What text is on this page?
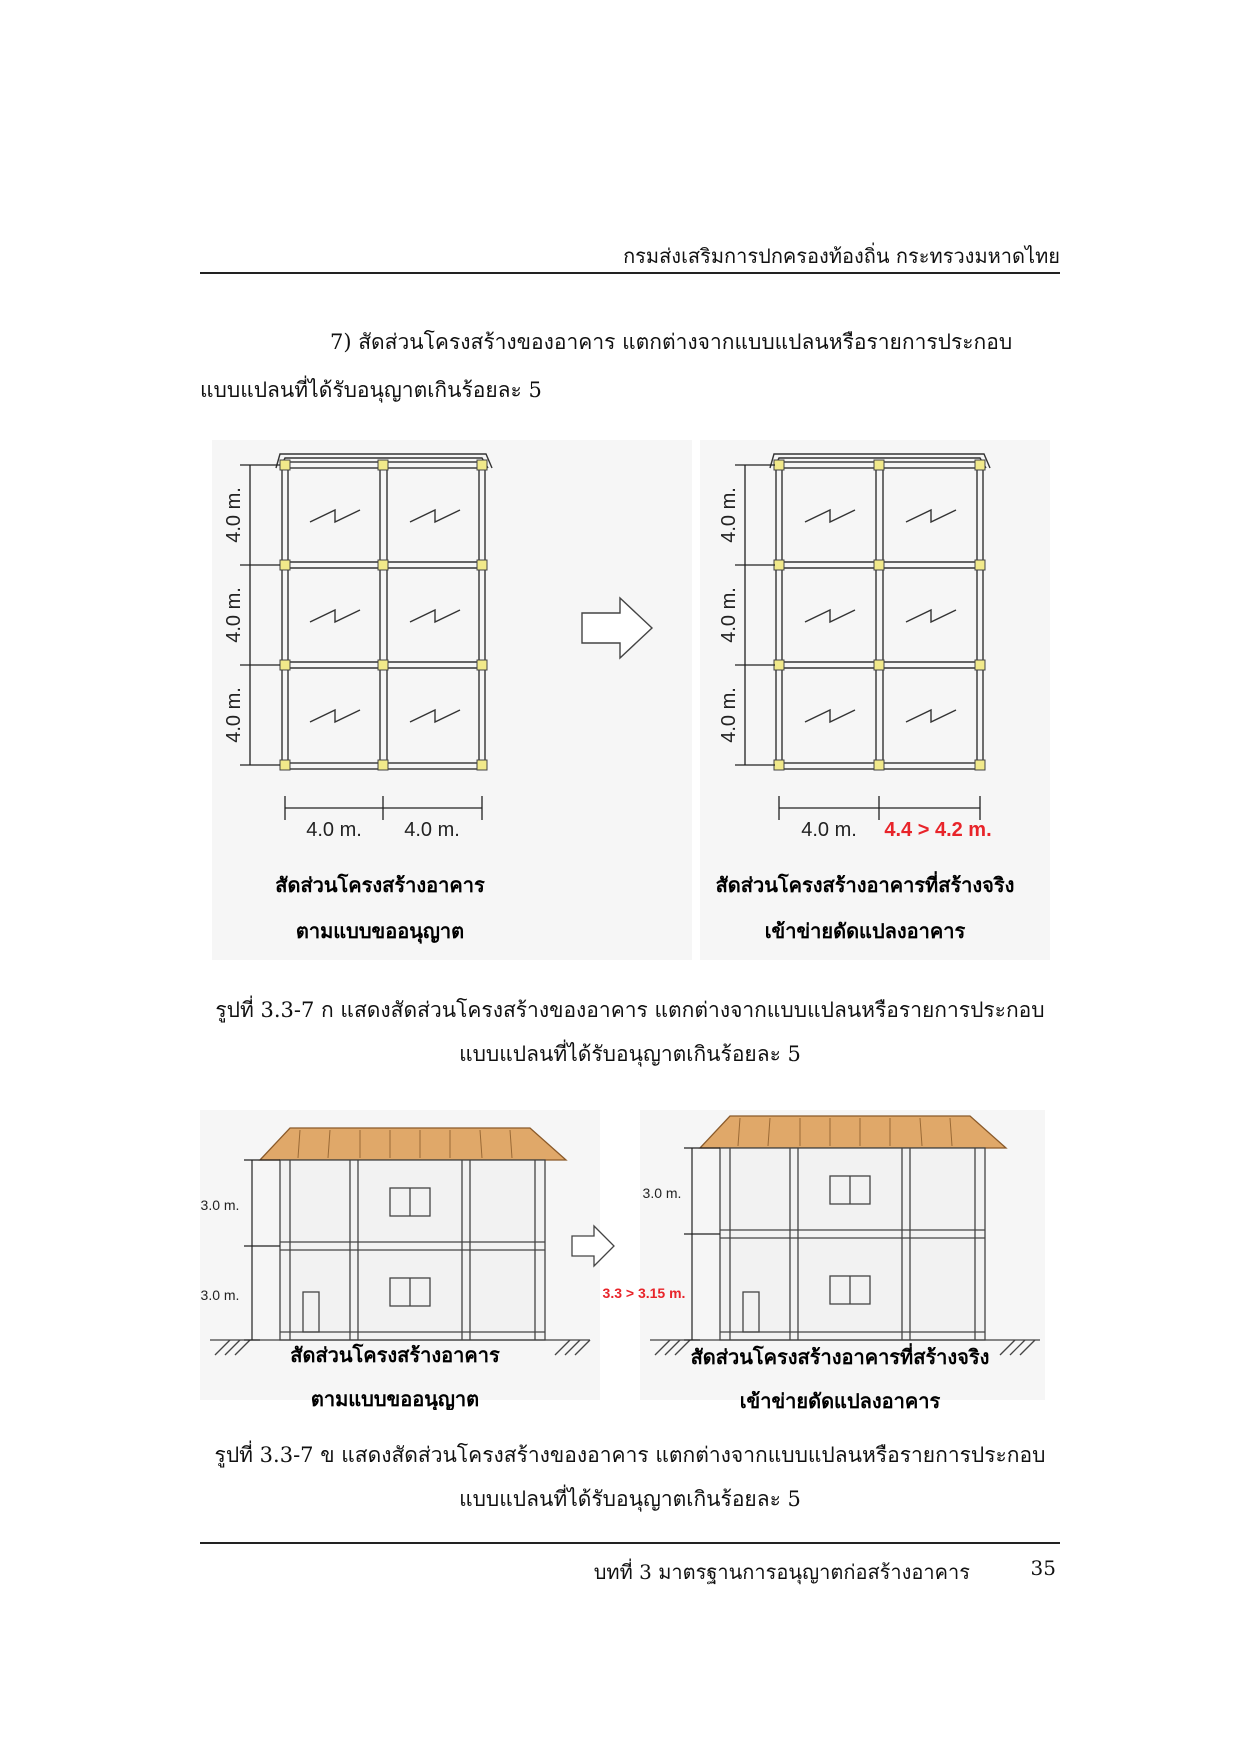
กรมส่งเสริมการปกครองท้องถิ่น กระทรวงมหาดไทย
7) สัดส่วนโครงสร้างของอาคาร แตกต่างจากแบบแปลนหรือรายการประกอบ
แบบแปลนที่ได้รับอนุญาตเกินร้อยละ 5
4.0 m.
4.0 m.
4.0 m.
4.0 m. 4.0 m.
4.0 m.
4.0 m.
4.0 m.
4.0 m. 4.4 > 4.2 m.
สัดส่วนโครงสร้างอาคาร
ตามแบบขออนุญาต
สัดส่วนโครงสร้างอาคารที่สร้างจริง
เข้าข่ายดัดแปลงอาคาร
รูปที่ 3.3-7 ก แสดงสัดส่วนโครงสร้างของอาคาร แตกต่างจากแบบแปลนหรือรายการประกอบ
แบบแปลนที่ได้รับอนุญาตเกินร้อยละ 5
3.0 m.
3.0 m.
3.0 m.
3.3 > 3.15 m.
สัดส่วนโครงสร้างอาคาร
ตามแบบขออนุญาต
สัดส่วนโครงสร้างอาคารที่สร้างจริง
เข้าข่ายดัดแปลงอาคาร
รูปที่ 3.3-7 ข แสดงสัดส่วนโครงสร้างของอาคาร แตกต่างจากแบบแปลนหรือรายการประกอบ
แบบแปลนที่ได้รับอนุญาตเกินร้อยละ 5
บทที่ 3 มาตรฐานการอนุญาตก่อสร้างอาคาร	35
